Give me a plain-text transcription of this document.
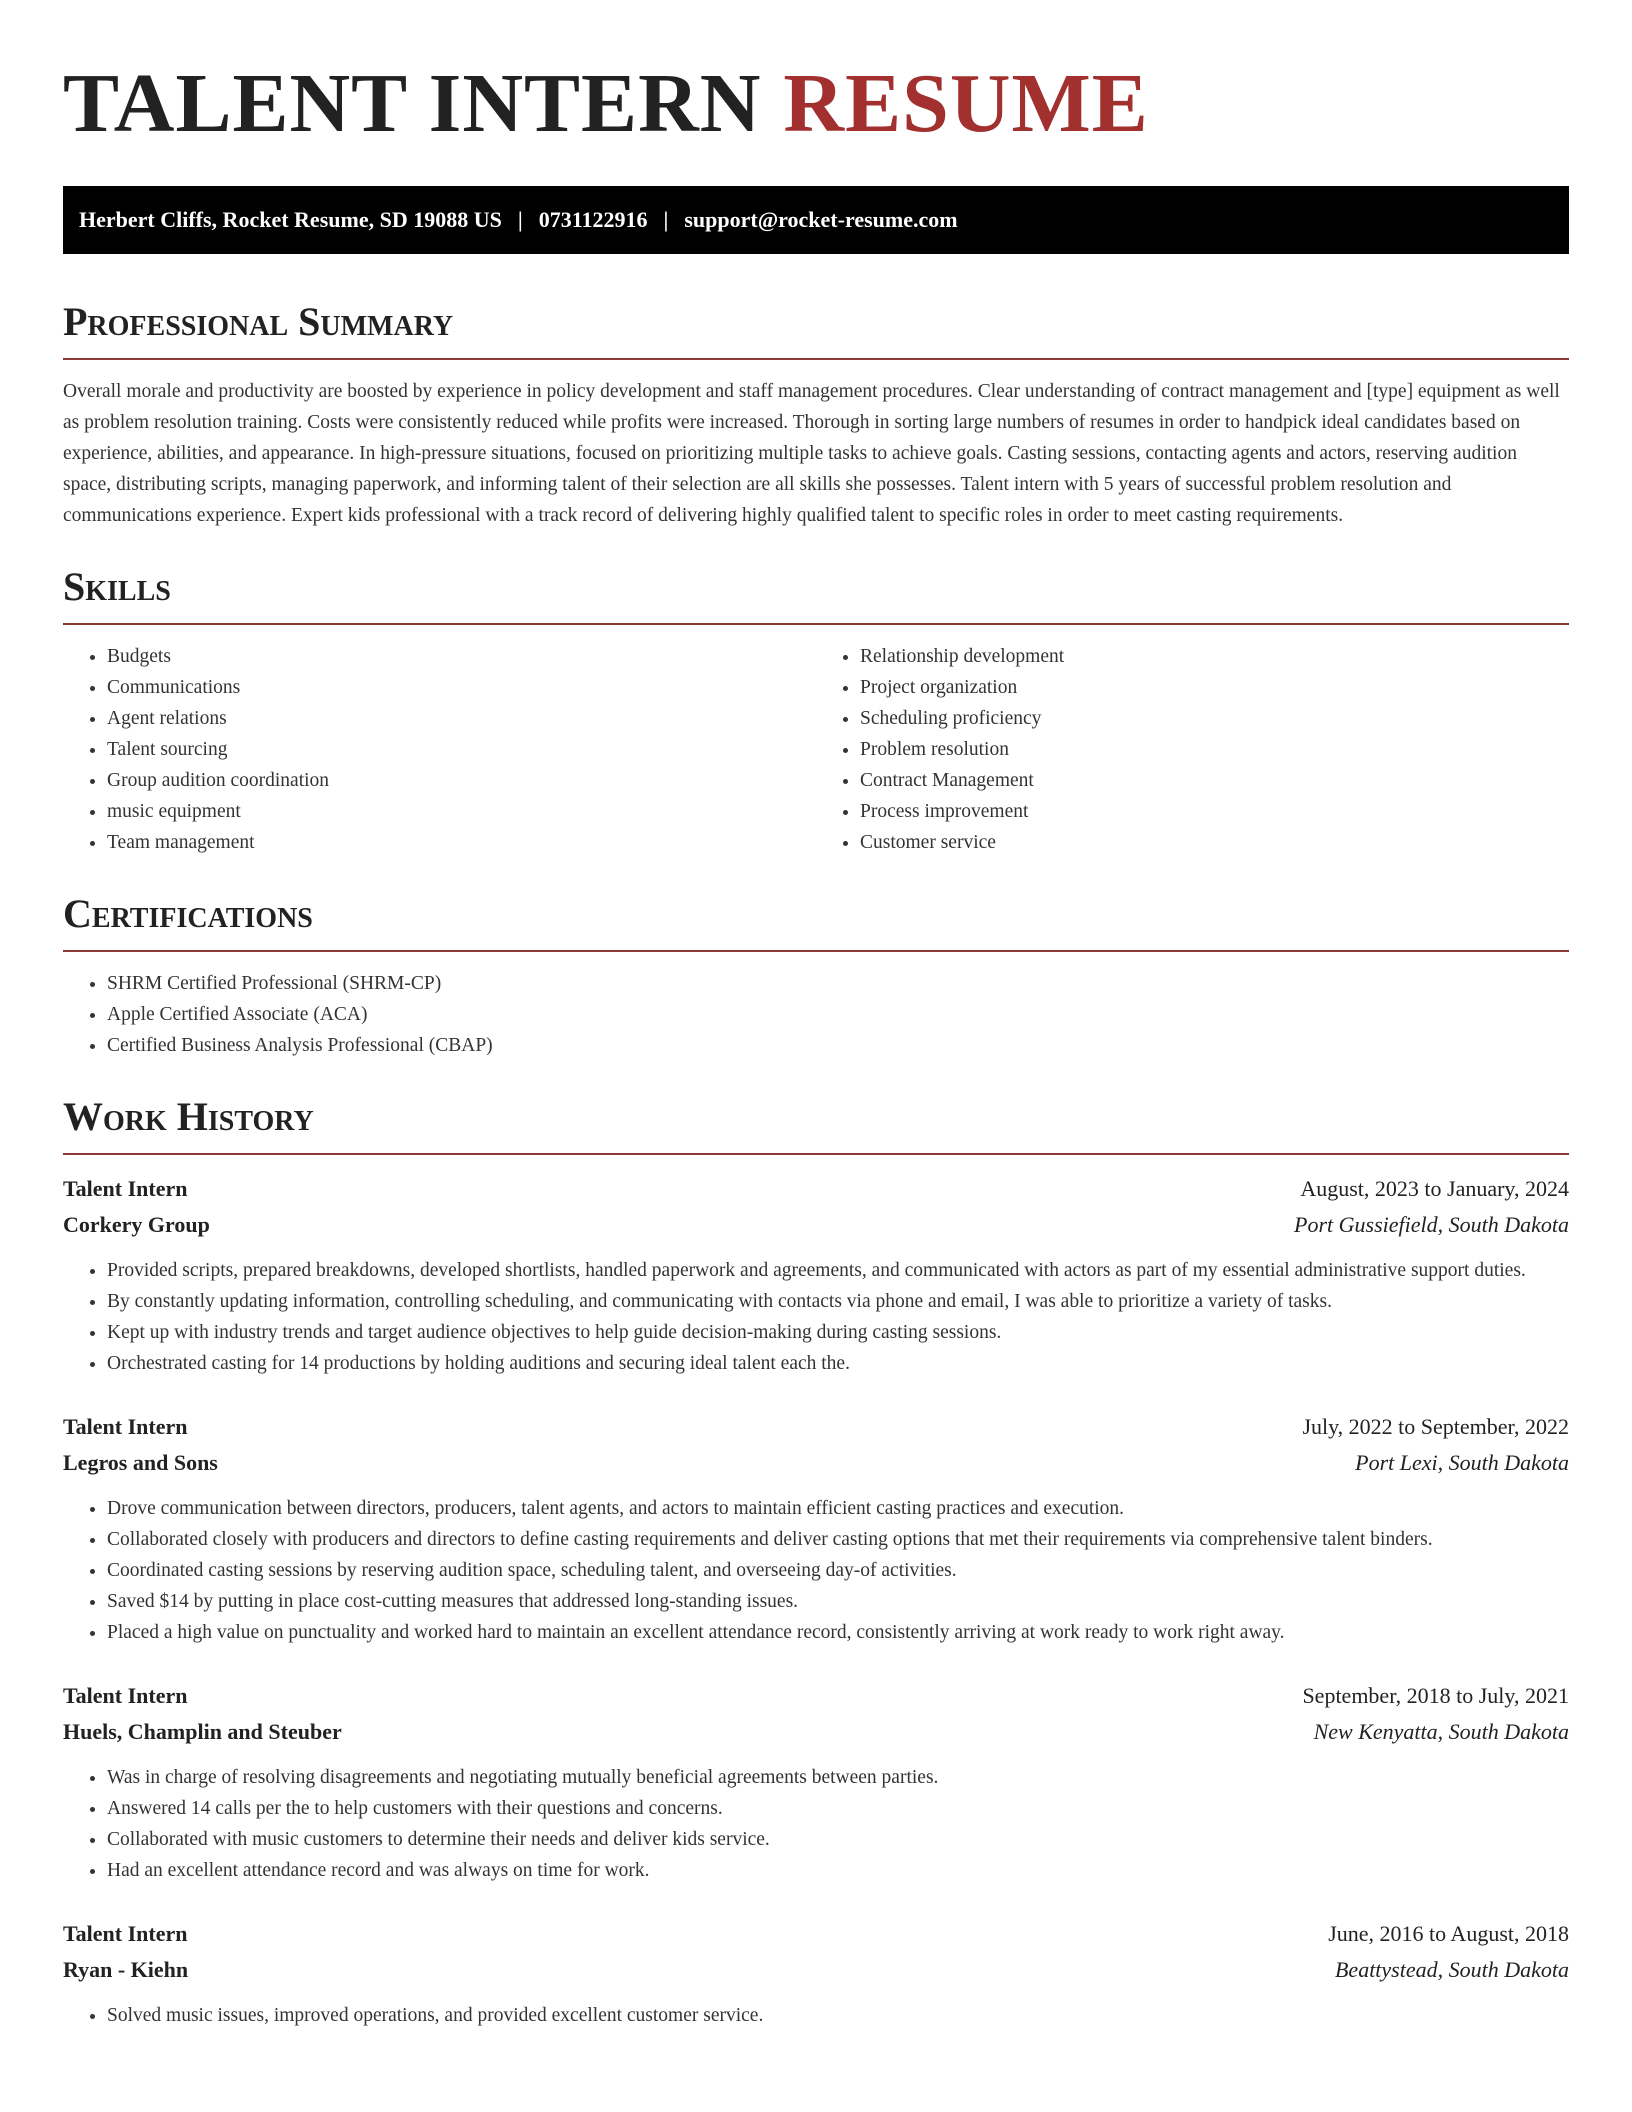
TALENT INTERN RESUME
Herbert Cliffs, Rocket Resume, SD 19088 US | 0731122916 | support@rocket-resume.com
Professional Summary

Overall morale and productivity are boosted by experience in policy development and staff management procedures. Clear understanding of contract management and [type] equipment as well as problem resolution training. Costs were consistently reduced while profits were increased. Thorough in sorting large numbers of resumes in order to handpick ideal candidates based on experience, abilities, and appearance. In high-pressure situations, focused on prioritizing multiple tasks to achieve goals. Casting sessions, contacting agents and actors, reserving audition space, distributing scripts, managing paperwork, and informing talent of their selection are all skills she possesses. Talent intern with 5 years of successful problem resolution and communications experience. Expert kids professional with a track record of delivering highly qualified talent to specific roles in order to meet casting requirements.

Skills
• Budgets
• Communications
• Agent relations
• Talent sourcing
• Group audition coordination
• music equipment
• Team management
• Relationship development
• Project organization
• Scheduling proficiency
• Problem resolution
• Contract Management
• Process improvement
• Customer service
Certifications
• SHRM Certified Professional (SHRM-CP)
• Apple Certified Associate (ACA)
• Certified Business Analysis Professional (CBAP)
Work History
Talent Intern	August, 2023 to January, 2024
Corkery Group	Port Gussiefield, South Dakota
• Provided scripts, prepared breakdowns, developed shortlists, handled paperwork and agreements, and communicated with actors as part of my essential administrative support duties.
• By constantly updating information, controlling scheduling, and communicating with contacts via phone and email, I was able to prioritize a variety of tasks.
• Kept up with industry trends and target audience objectives to help guide decision-making during casting sessions.
• Orchestrated casting for 14 productions by holding auditions and securing ideal talent each the.
Talent Intern	July, 2022 to September, 2022
Legros and Sons	Port Lexi, South Dakota
• Drove communication between directors, producers, talent agents, and actors to maintain efficient casting practices and execution.
• Collaborated closely with producers and directors to define casting requirements and deliver casting options that met their requirements via comprehensive talent binders.
• Coordinated casting sessions by reserving audition space, scheduling talent, and overseeing day-of activities.
• Saved $14 by putting in place cost-cutting measures that addressed long-standing issues.
• Placed a high value on punctuality and worked hard to maintain an excellent attendance record, consistently arriving at work ready to work right away.
Talent Intern	September, 2018 to July, 2021
Huels, Champlin and Steuber	New Kenyatta, South Dakota
• Was in charge of resolving disagreements and negotiating mutually beneficial agreements between parties.
• Answered 14 calls per the to help customers with their questions and concerns.
• Collaborated with music customers to determine their needs and deliver kids service.
• Had an excellent attendance record and was always on time for work.
Talent Intern	June, 2016 to August, 2018
Ryan - Kiehn	Beattystead, South Dakota
• Solved music issues, improved operations, and provided excellent customer service.
